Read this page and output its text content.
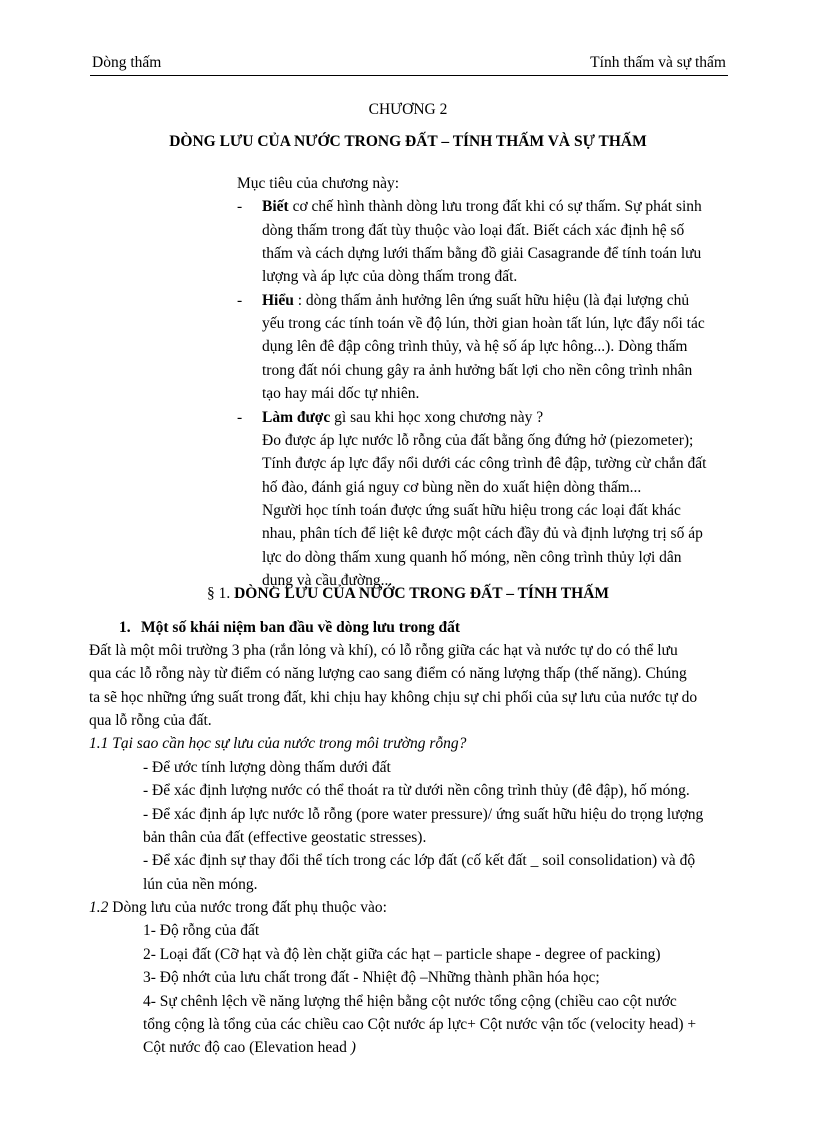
Dòng thấm	Tính thấm và sự thấm
CHƯƠNG 2
DÒNG LƯU CỦA NƯỚC TRONG ĐẤT – TÍNH THẤM VÀ SỰ THẤM
Mục tiêu của chương này:
- Biết cơ chế hình thành dòng lưu trong đất khi có sự thấm. Sự phát sinh
dòng thấm trong đất tùy thuộc vào loại đất. Biết cách xác định hệ số
thấm và cách dựng lưới thấm bằng đồ giải Casagrande để tính toán lưu
lượng và áp lực của dòng thấm trong đất.
- Hiểu : dòng thấm ảnh hưởng lên ứng suất hữu hiệu (là đại lượng chủ
yếu trong các tính toán về độ lún, thời gian hoàn tất lún, lực đẩy nổi tác
dụng lên đê đập công trình thủy, và hệ số áp lực hông...). Dòng thấm
trong đất nói chung gây ra ảnh hưởng bất lợi cho nền công trình nhân
tạo hay mái dốc tự nhiên.
- Làm được gì sau khi học xong chương này ?
Đo được áp lực nước lỗ rỗng của đất bằng ống đứng hở (piezometer);
Tính được áp lực đẩy nổi dưới các công trình đê đập, tường cừ chắn đất
hố đào, đánh giá nguy cơ bùng nền do xuất hiện dòng thấm...
Người học tính toán được ứng suất hữu hiệu trong các loại đất khác
nhau, phân tích để liệt kê được một cách đầy đủ và định lượng trị số áp
lực do dòng thấm xung quanh hố móng, nền công trình thủy lợi dân
dụng và cầu đường...
§ 1. DÒNG LƯU CỦA NƯỚC TRONG ĐẤT – TÍNH THẤM
1. Một số khái niệm ban đầu về dòng lưu trong đất
Đất là một môi trường 3 pha (rắn lỏng và khí), có lỗ rỗng giữa các hạt và nước tự do có thể lưu
qua các lỗ rỗng này từ điểm có năng lượng cao sang điểm có năng lượng thấp (thế năng). Chúng
ta sẽ học những ứng suất trong đất, khi chịu hay không chịu sự chi phối của sự lưu của nước tự do
qua lỗ rỗng của đất.
1.1 Tại sao cần học sự lưu của nước trong môi trường rỗng?
- Để ước tính lượng dòng thấm dưới đất
- Để xác định lượng nước có thể thoát ra từ dưới nền công trình thủy (đê đập), hố móng.
- Để xác định áp lực nước lỗ rỗng (pore water pressure)/ ứng suất hữu hiệu do trọng lượng
bản thân của đất (effective geostatic stresses).
- Để xác định sự thay đổi thể tích trong các lớp đất (cố kết đất _ soil consolidation) và độ
lún của nền móng.
1.2 Dòng lưu của nước trong đất phụ thuộc vào:
1- Độ rỗng của đất
2- Loại đất (Cỡ hạt và độ lèn chặt giữa các hạt – particle shape - degree of packing)
3- Độ nhớt của lưu chất trong đất - Nhiệt độ –Những thành phần hóa học;
4- Sự chênh lệch về năng lượng thể hiện bằng cột nước tổng cộng (chiều cao cột nước
tổng cộng là tổng của các chiều cao Cột nước áp lực+ Cột nước vận tốc (velocity head) +
Cột nước độ cao (Elevation head )
